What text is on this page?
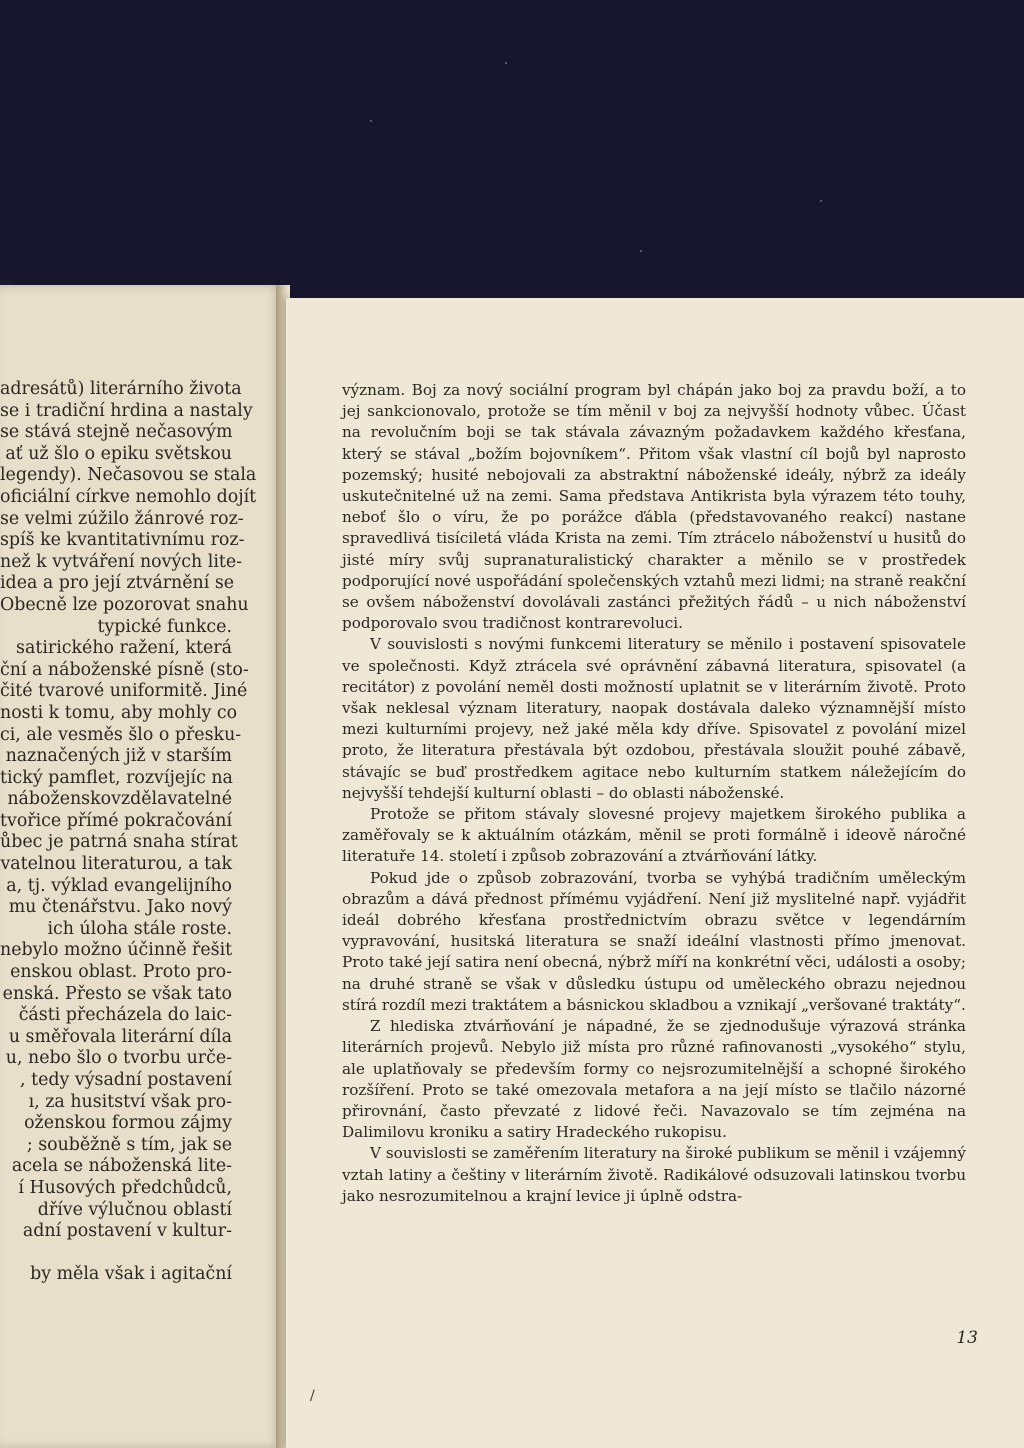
adresátů) literárního života
se i tradiční hrdina a nastaly
se stává stejně nečasovým
ať už šlo o epiku světskou
legendy). Nečasovou se stala
oficiální církve nemohlo dojít
se velmi zúžilo žánrové roz-
spíš ke kvantitativnímu roz-
než k vytváření nových lite-
idea a pro její ztvárnění se
Obecně lze pozorovat snahu
typické funkce.
satirického ražení, která
ční a náboženské písně (sto-
čité tvarové uniformitě. Jiné
nosti k tomu, aby mohly co
ci, ale vesměs šlo o přesku-
naznačených již v starším
tický pamflet, rozvíjejíc na
náboženskovzdělavatelné
tvořice přímé pokračování
ůbec je patrná snaha stírat
vatelnou literaturou, a tak
a, tj. výklad evangelijního
mu čtenářstvu. Jako nový
ich úloha stále roste.
nebylo možno účinně řešit
enskou oblast. Proto pro-
enská. Přesto se však tato
části přecházela do laic-
u směřovala literární díla
u, nebo šlo o tvorbu urče-
, tedy výsadní postavení
ı, za husitství však pro-
oženskou formou zájmy
; souběžně s tím, jak se
acela se náboženská lite-
í Husových předchůdců,
dříve výlučnou oblastí
adní postavení v kultur-

by měla však i agitační

význam. Boj za nový sociální program byl chápán jako boj za pravdu boží, a to jej sankcionovalo, protože se tím měnil v boj za nejvyšší hodnoty vůbec. Účast na revolučním boji se tak stávala závazným požadavkem každého křesťana, který se stával „božím bojovníkem“. Přitom však vlastní cíl bojů byl naprosto pozemský; husité nebojovali za abstraktní náboženské ideály, nýbrž za ideály uskutečnitelné už na zemi. Sama představa Antikrista byla výrazem této touhy, neboť šlo o víru, že po porážce ďábla (představovaného reakcí) nastane spravedlivá tisíciletá vláda Krista na zemi. Tím ztrácelo náboženství u husitů do jisté míry svůj supranaturalistický charakter a měnilo se v prostředek podporující nové uspořádání společenských vztahů mezi lidmi; na straně reakční se ovšem náboženství dovolávali zastánci přežitých řádů – u nich náboženství podporovalo svou tradičnost kontrarevoluci.

V souvislosti s novými funkcemi literatury se měnilo i postavení spisovatele ve společnosti. Když ztrácela své oprávnění zábavná literatura, spisovatel (a recitátor) z povolání neměl dosti možností uplatnit se v literárním životě. Proto však neklesal význam literatury, naopak dostávala daleko významnější místo mezi kulturními projevy, než jaké měla kdy dříve. Spisovatel z povolání mizel proto, že literatura přestávala být ozdobou, přestávala sloužit pouhé zábavě, stávajíc se buď prostředkem agitace nebo kulturním statkem náležejícím do nejvyšší tehdejší kulturní oblasti – do oblasti náboženské.

Protože se přitom stávaly slovesné projevy majetkem širokého publika a zaměřovaly se k aktuálním otázkám, měnil se proti formálně i ideově náročné literatuře 14. století i způsob zobrazování a ztvárňování látky.

Pokud jde o způsob zobrazování, tvorba se vyhýbá tradičním uměleckým obrazům a dává přednost přímému vyjádření. Není již myslitelné např. vyjádřit ideál dobrého křesťana prostřednictvím obrazu světce v legendárním vypravování, husitská literatura se snaží ideální vlastnosti přímo jmenovat. Proto také její satira není obecná, nýbrž míří na konkrétní věci, události a osoby; na druhé straně se však v důsledku ústupu od uměleckého obrazu nejednou stírá rozdíl mezi traktátem a básnickou skladbou a vznikají „veršované traktáty“.

Z hlediska ztvárňování je nápadné, že se zjednodušuje výrazová stránka literárních projevů. Nebylo již místa pro různé rafinovanosti „vysokého“ stylu, ale uplatňovaly se především formy co nejsrozumitelnější a schopné širokého rozšíření. Proto se také omezovala metafora a na její místo se tlačilo názorné přirovnání, často převzaté z lidové řeči. Navazovalo se tím zejména na Dalimilovu kroniku a satiry Hradeckého rukopisu.

V souvislosti se zaměřením literatury na široké publikum se měnil i vzájemný vztah latiny a češtiny v literárním životě. Radikálové odsuzovali latinskou tvorbu jako nesrozumitelnou a krajní levice ji úplně odstra-

13
/
